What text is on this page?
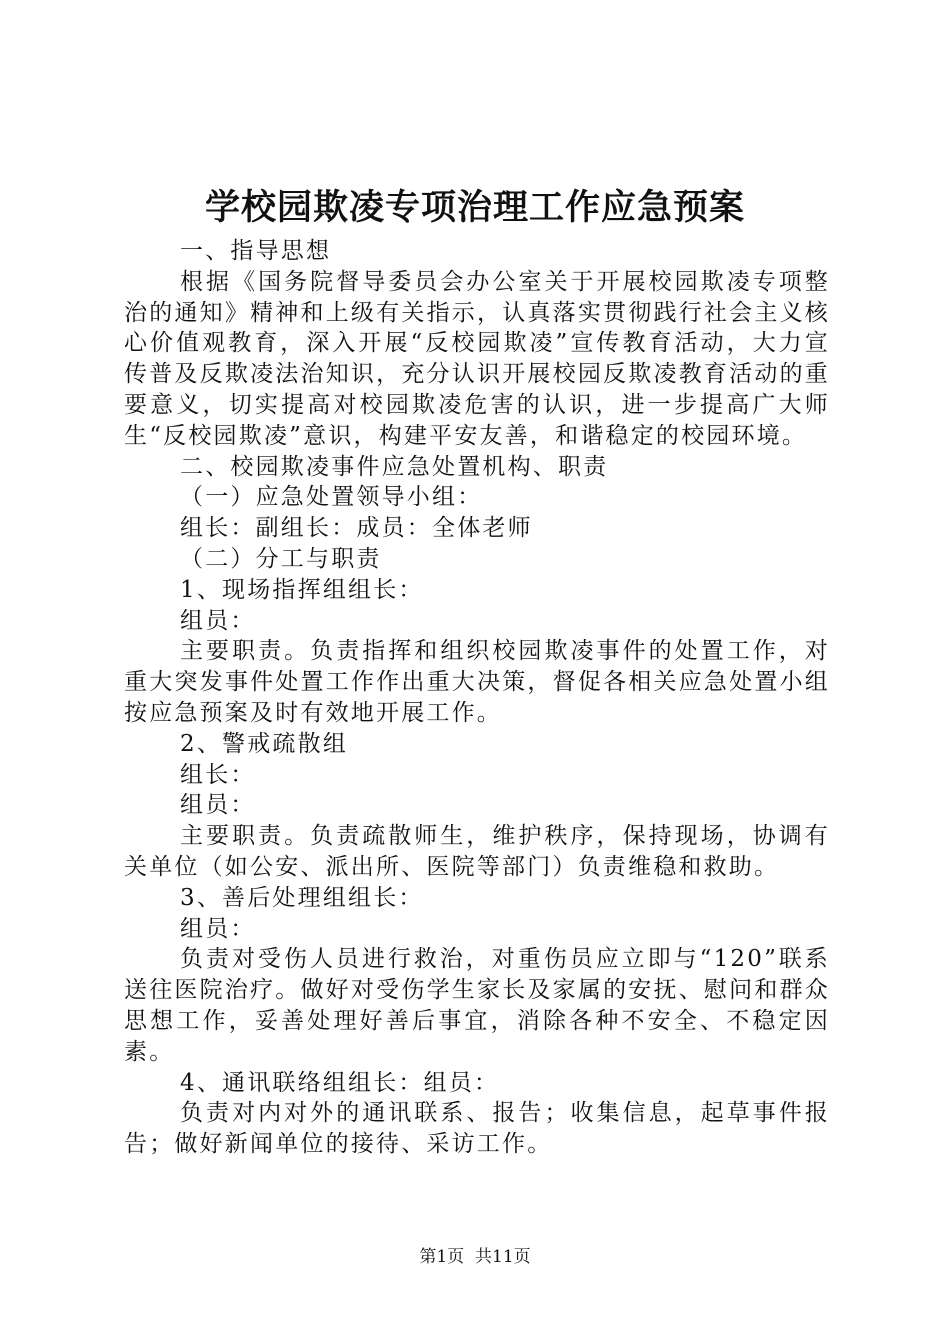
学校园欺凌专项治理工作应急预案

一、指导思想

根据《国务院督导委员会办公室关于开展校园欺凌专项整治的通知》精神和上级有关指示，认真落实贯彻践行社会主义核心价值观教育，深入开展“反校园欺凌”宣传教育活动，大力宣传普及反欺凌法治知识，充分认识开展校园反欺凌教育活动的重要意义，切实提高对校园欺凌危害的认识，进一步提高广大师生“反校园欺凌”意识，构建平安友善，和谐稳定的校园环境。

二、校园欺凌事件应急处置机构、职责

（一）应急处置领导小组：

组长：副组长：成员：全体老师

（二）分工与职责

1、现场指挥组组长：

组员：

主要职责。负责指挥和组织校园欺凌事件的处置工作，对重大突发事件处置工作作出重大决策，督促各相关应急处置小组按应急预案及时有效地开展工作。

2、警戒疏散组

组长：

组员：

主要职责。负责疏散师生，维护秩序，保持现场，协调有关单位（如公安、派出所、医院等部门）负责维稳和救助。

3、善后处理组组长：

组员：

负责对受伤人员进行救治，对重伤员应立即与“120”联系送往医院治疗。做好对受伤学生家长及家属的安抚、慰问和群众思想工作，妥善处理好善后事宜，消除各种不安全、不稳定因素。

4、通讯联络组组长：组员：

负责对内对外的通讯联系、报告；收集信息，起草事件报告；做好新闻单位的接待、采访工作。

第1页 共11页
